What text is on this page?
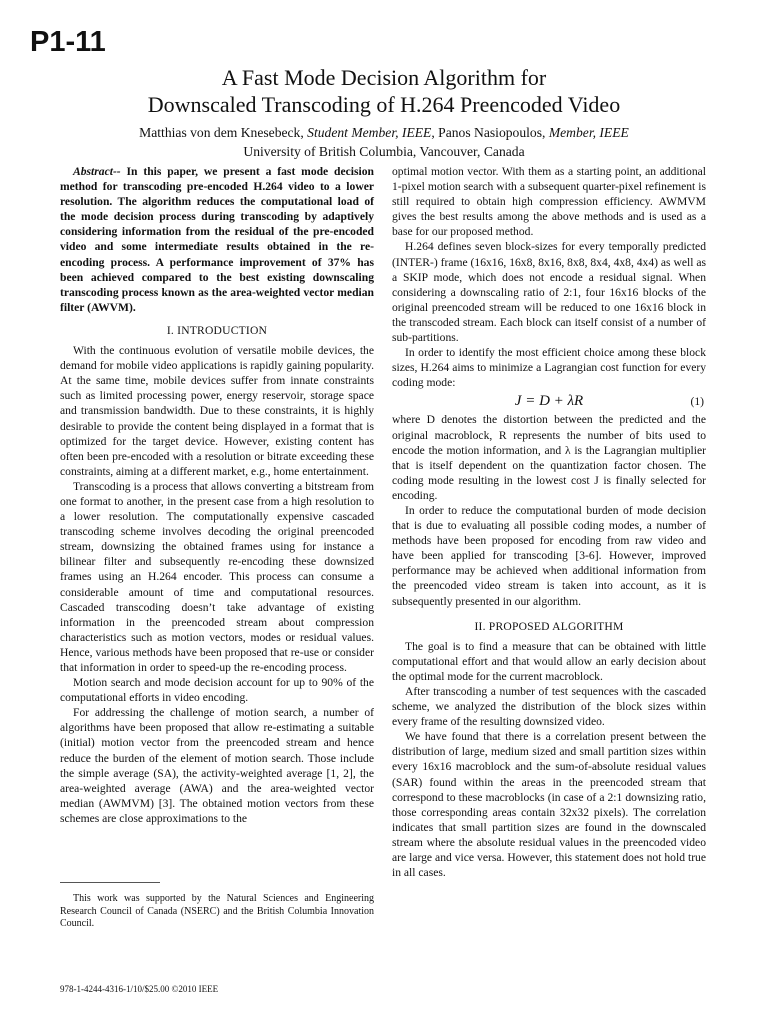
P1-11
A Fast Mode Decision Algorithm for
Downscaled Transcoding of H.264 Preencoded Video
Matthias von dem Knesebeck, Student Member, IEEE, Panos Nasiopoulos, Member, IEEE
University of British Columbia, Vancouver, Canada

Abstract-- In this paper, we present a fast mode decision method for transcoding pre-encoded H.264 video to a lower resolution. The algorithm reduces the computational load of the mode decision process during transcoding by adaptively considering information from the residual of the pre-encoded video and some intermediate results obtained in the re-encoding process. A performance improvement of 37% has been achieved compared to the best existing downscaling transcoding process known as the area-weighted vector median filter (AWVM).

I. INTRODUCTION

With the continuous evolution of versatile mobile devices, the demand for mobile video applications is rapidly gaining popularity. At the same time, mobile devices suffer from innate constraints such as limited processing power, energy reservoir, storage space and transmission bandwidth. Due to these constraints, it is highly desirable to provide the content being displayed in a format that is optimized for the target device. However, existing content has often been pre-encoded with a resolution or bitrate exceeding these constraints, aiming at a different market, e.g., home entertainment.

Transcoding is a process that allows converting a bitstream from one format to another, in the present case from a high resolution to a lower resolution. The computationally expensive cascaded transcoding scheme involves decoding the original preencoded stream, downsizing the obtained frames using for instance a bilinear filter and subsequently re-encoding these downsized frames using an H.264 encoder. This process can consume a considerable amount of time and computational resources. Cascaded transcoding doesn’t take advantage of existing information in the preencoded stream about compression characteristics such as motion vectors, modes or residual values. Hence, various methods have been proposed that re-use or consider that information in order to speed-up the re-encoding process.

Motion search and mode decision account for up to 90% of the computational efforts in video encoding.

For addressing the challenge of motion search, a number of algorithms have been proposed that allow re-estimating a suitable (initial) motion vector from the preencoded stream and hence reduce the burden of the element of motion search. Those include the simple average (SA), the activity-weighted average [1, 2], the area-weighted average (AWA) and the area-weighted vector median (AWMVM) [3]. The obtained motion vectors from these schemes are close approximations to the

optimal motion vector. With them as a starting point, an additional 1-pixel motion search with a subsequent quarter-pixel refinement is still required to obtain high compression efficiency. AWMVM gives the best results among the above methods and is used as a base for our proposed method.

H.264 defines seven block-sizes for every temporally predicted (INTER-) frame (16x16, 16x8, 8x16, 8x8, 8x4, 4x8, 4x4) as well as a SKIP mode, which does not encode a residual signal. When considering a downscaling ratio of 2:1, four 16x16 blocks of the original preencoded stream will be reduced to one 16x16 block in the transcoded stream. Each block can itself consist of a number of sub-partitions.

In order to identify the most efficient choice among these block sizes, H.264 aims to minimize a Lagrangian cost function for every coding mode:

J = D + λR	(1)

where D denotes the distortion between the predicted and the original macroblock, R represents the number of bits used to encode the motion information, and λ is the Lagrangian multiplier that is itself dependent on the quantization factor chosen. The coding mode resulting in the lowest cost J is finally selected for encoding.

In order to reduce the computational burden of mode decision that is due to evaluating all possible coding modes, a number of methods have been proposed for encoding from raw video and have been applied for transcoding [3-6]. However, improved performance may be achieved when additional information from the preencoded video stream is taken into account, as it is subsequently presented in our algorithm.

II. PROPOSED ALGORITHM

The goal is to find a measure that can be obtained with little computational effort and that would allow an early decision about the optimal mode for the current macroblock.

After transcoding a number of test sequences with the cascaded scheme, we analyzed the distribution of the block sizes within every frame of the resulting downsized video.

We have found that there is a correlation present between the distribution of large, medium sized and small partition sizes within every 16x16 macroblock and the sum-of-absolute residual values (SAR) found within the areas in the preencoded stream that correspond to these macroblocks (in case of a 2:1 downsizing ratio, those corresponding areas contain 32x32 pixels). The correlation indicates that small partition sizes are found in the downscaled stream where the absolute residual values in the preencoded video are large and vice versa. However, this statement does not hold true in all cases.

This work was supported by the Natural Sciences and Engineering Research Council of Canada (NSERC) and the British Columbia Innovation Council.

978-1-4244-4316-1/10/$25.00 ©2010 IEEE
